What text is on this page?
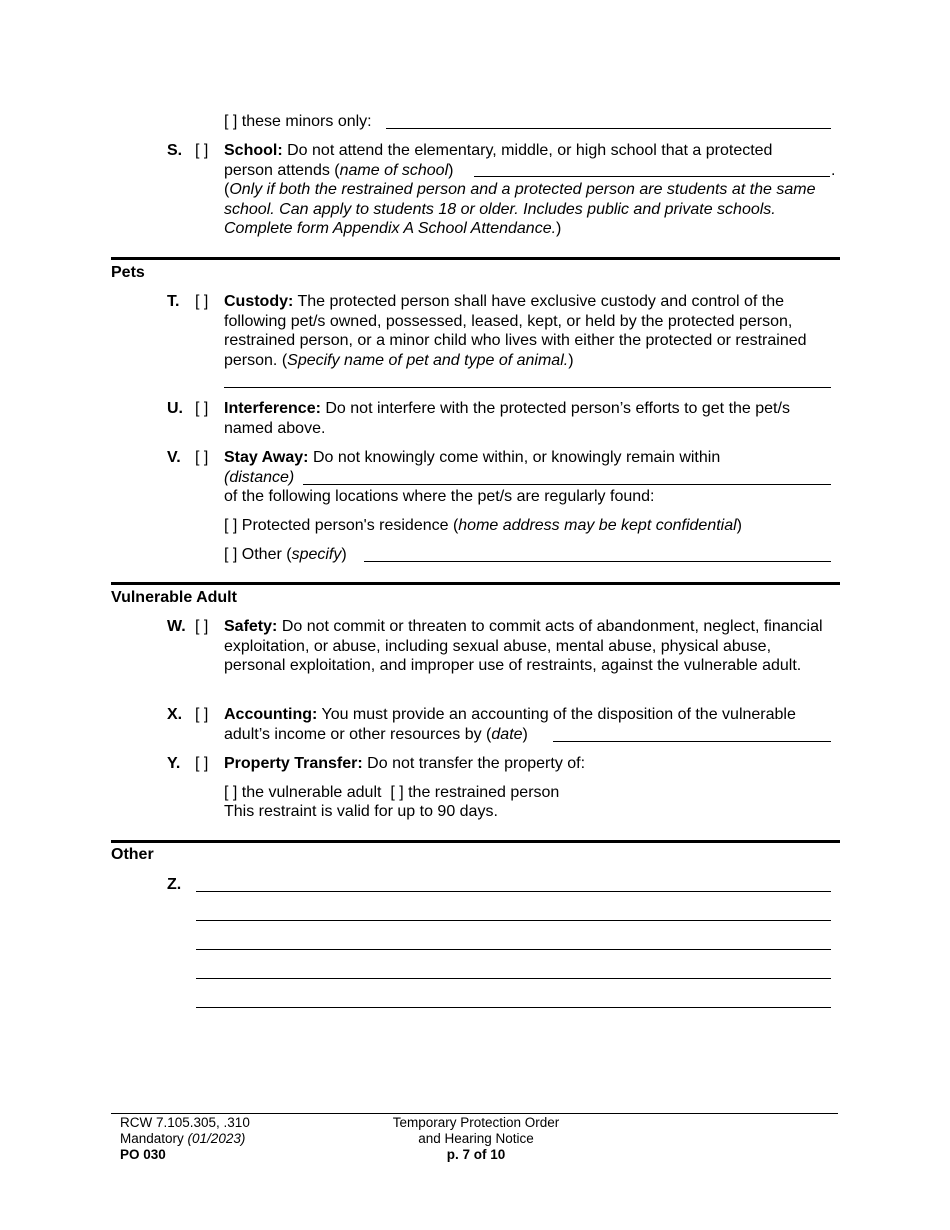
[ ] these minors only:
S. [ ] School: Do not attend the elementary, middle, or high school that a protected
person attends (name of school)	.
(Only if both the restrained person and a protected person are students at the same school. Can apply to students 18 or older. Includes public and private schools. Complete form Appendix A School Attendance.)
Pets
T. [ ] Custody: The protected person shall have exclusive custody and control of the following pet/s owned, possessed, leased, kept, or held by the protected person, restrained person, or a minor child who lives with either the protected or restrained person. (Specify name of pet and type of animal.)
U. [ ] Interference: Do not interfere with the protected person’s efforts to get the pet/s named above.
V. [ ] Stay Away: Do not knowingly come within, or knowingly remain within
(distance)
of the following locations where the pet/s are regularly found:
[ ] Protected person's residence (home address may be kept confidential)
[ ] Other (specify)
Vulnerable Adult
W. [ ] Safety: Do not commit or threaten to commit acts of abandonment, neglect, financial exploitation, or abuse, including sexual abuse, mental abuse, physical abuse, personal exploitation, and improper use of restraints, against the vulnerable adult.
X. [ ] Accounting: You must provide an accounting of the disposition of the vulnerable
adult’s income or other resources by (date)
Y. [ ] Property Transfer: Do not transfer the property of:
[ ] the vulnerable adult  [ ] the restrained person
This restraint is valid for up to 90 days.
Other
Z.
RCW 7.105.305, .310
Mandatory (01/2023)
PO 030
Temporary Protection Order
and Hearing Notice
p. 7 of 10
